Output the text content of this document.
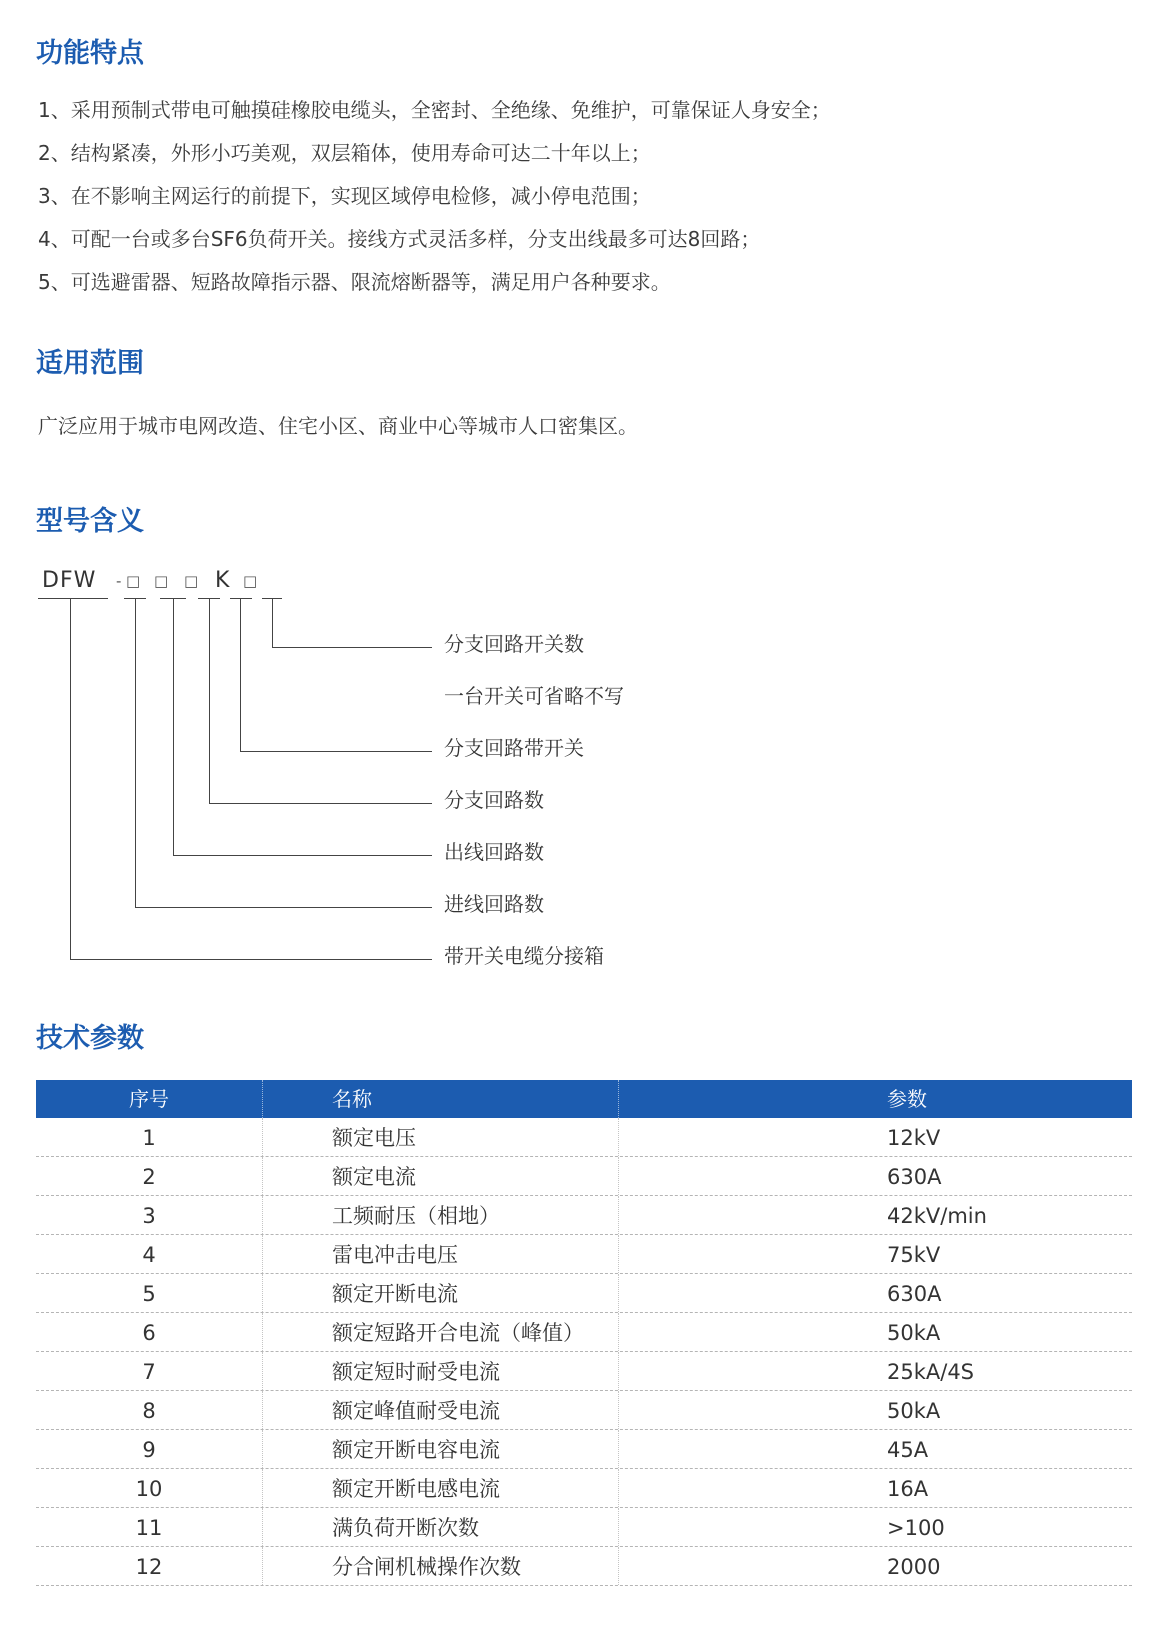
功能特点
1、采用预制式带电可触摸硅橡胶电缆头，全密封、全绝缘、免维护，可靠保证人身安全；
2、结构紧凑，外形小巧美观，双层箱体，使用寿命可达二十年以上；
3、在不影响主网运行的前提下，实现区域停电检修，减小停电范围；
4、可配一台或多台SF6负荷开关。接线方式灵活多样，分支出线最多可达8回路；
5、可选避雷器、短路故障指示器、限流熔断器等，满足用户各种要求。
适用范围
广泛应用于城市电网改造、住宅小区、商业中心等城市人口密集区。
型号含义
DFW - □ □ □ K □
分支回路开关数
一台开关可省略不写
分支回路带开关
分支回路数
出线回路数
进线回路数
带开关电缆分接箱
技术参数
序号	名称	参数
1	额定电压	12kV
2	额定电流	630A
3	工频耐压（相地）	42kV/min
4	雷电冲击电压	75kV
5	额定开断电流	630A
6	额定短路开合电流（峰值）	50kA
7	额定短时耐受电流	25kA/4S
8	额定峰值耐受电流	50kA
9	额定开断电容电流	45A
10	额定开断电感电流	16A
11	满负荷开断次数	>100
12	分合闸机械操作次数	2000
